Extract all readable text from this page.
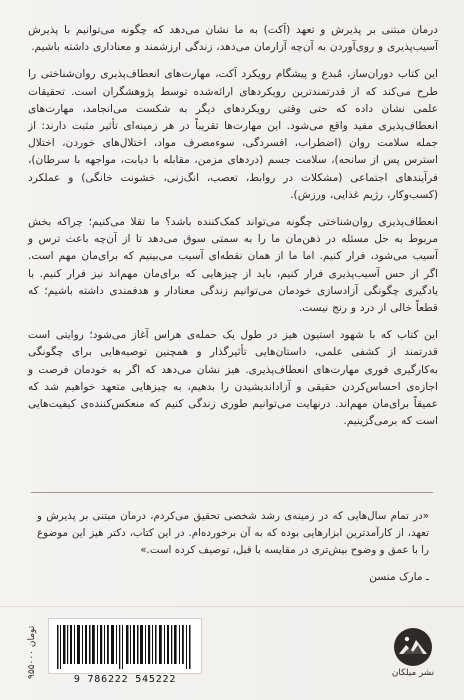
درمان مبتنی بر پذیرش و تعهد (اَکت) به ما نشان می‌دهد که چگونه می‌توانیم با پذیرش آسیب‌پذیری و روی‌آوردن به آن‌چه آزارمان می‌دهد، زندگی ارزشمند و معناداری داشته باشیم.

این کتاب دوران‌ساز، مُبدع و پیشگام رویکرد اَکت، مهارت‌های انعطاف‌پذیری روان‌شناختی را طرح می‌کند که از قدرتمندترین رویکردهای ارائه‌شده توسط پژوهشگران است. تحقیقات علمی نشان داده که حتی وقتی رویکردهای دیگر به شکست می‌انجامد، مهارت‌های انعطاف‌پذیری مفید واقع می‌شود. این مهارت‌ها تقریباً در هر زمینه‌ای تأثیر مثبت دارند: از جمله سلامت روان (اضطراب، افسردگی، سوءمصرف مواد، اختلال‌های خوردن، اختلال استرس پس از سانحه)، سلامت جسم (دردهای مزمن، مقابله با دیابت، مواجهه با سرطان)، فرآیندهای اجتماعی (مشکلات در روابط، تعصب، انگ‌زنی، خشونت خانگی) و عملکرد (کسب‌وکار، رژیم غذایی، ورزش).

انعطاف‌پذیری روان‌شناختی چگونه می‌تواند کمک‌کننده باشد؟ ما تقلا می‌کنیم؛ چراکه بخش مربوط به حل مسئله در ذهن‌مان ما را به سمتی سوق می‌دهد تا از آن‌چه باعث ترس و آسیب می‌شود، فرار کنیم. اما ما از همان نقطه‌ای آسیب می‌بینیم که برای‌مان مهم است. اگر از حس آسیب‌پذیری فرار کنیم، باید از چیزهایی که برای‌مان مهم‌اند نیز فرار کنیم. با یادگیری چگونگی آزادسازی خودمان می‌توانیم زندگی معنادار و هدفمندی داشته باشیم؛ که قطعاً خالی از درد و رنج نیست.

این کتاب که با شهود استیون هیز در طول یک حمله‌ی هراس آغاز می‌شود؛ روایتی است قدرتمند از کشفی علمی، داستان‌هایی تأثیرگذار و همچنین توصیه‌هایی برای چگونگی به‌کارگیری فوری مهارت‌های انعطاف‌پذیری. هیز نشان می‌دهد که اگر به خودمان فرصت و اجازه‌ی احساس‌کردن حقیقی و آزاداندیشیدن را بدهیم، به چیزهایی متعهد خواهیم شد که عمیقاً برای‌مان مهم‌اند. درنهایت می‌توانیم طوری زندگی کنیم که منعکس‌کننده‌ی کیفیت‌هایی است که برمی‌گزینیم.

«در تمام سال‌هایی که در زمینه‌ی رشد شخصی تحقیق می‌کردم، درمان مبتنی بر پذیرش و تعهد، از کارآمدترین ابزارهایی بوده که به آن برخورده‌ام. در این کتاب، دکتر هیز این موضوع را با عمق و وضوح بیش‌تری در مقایسه با قبل، توصیف کرده است.»
ـ مارک منسن
۹۵۵۰۰۰ تومان
9 786222 545222
نشر میلکان
